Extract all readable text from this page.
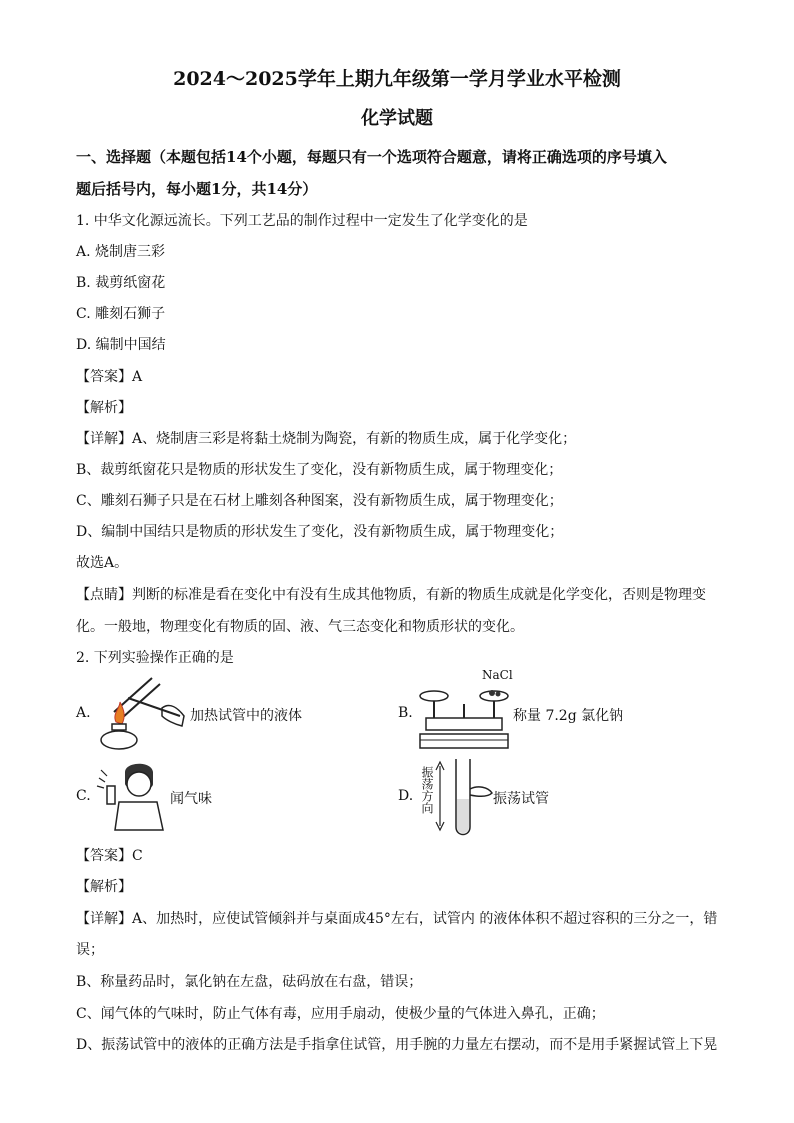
2024～2025学年上期九年级第一学月学业水平检测
化学试题
一、选择题（本题包括14个小题，每题只有一个选项符合题意，请将正确选项的序号填入
题后括号内，每小题1分，共14分）
1. 中华文化源远流长。下列工艺品的制作过程中一定发生了化学变化的是
A. 烧制唐三彩
B. 裁剪纸窗花
C. 雕刻石狮子
D. 编制中国结
【答案】A
【解析】
【详解】A、烧制唐三彩是将黏土烧制为陶瓷，有新的物质生成，属于化学变化；
B、裁剪纸窗花只是物质的形状发生了变化，没有新物质生成，属于物理变化；
C、雕刻石狮子只是在石材上雕刻各种图案，没有新物质生成，属于物理变化；
D、编制中国结只是物质的形状发生了变化，没有新物质生成，属于物理变化；
故选A。
【点睛】判断的标准是看在变化中有没有生成其他物质，有新的物质生成就是化学变化，否则是物理变
化。一般地，物理变化有物质的固、液、气三态变化和物质形状的变化。
2. 下列实验操作正确的是
A.	加热试管中的液体	B.
NaCl
称量 7.2g 氯化钠
C.	闻气味	D. 振荡方向	振荡试管
【答案】C
【解析】
【详解】A、加热时，应使试管倾斜并与桌面成45°左右，试管内 的液体体积不超过容积的三分之一，错
误；
B、称量药品时，氯化钠在左盘，砝码放在右盘，错误；
C、闻气体的气味时，防止气体有毒，应用手扇动，使极少量的气体进入鼻孔，正确；
D、振荡试管中的液体的正确方法是手指拿住试管，用手腕的力量左右摆动，而不是用手紧握试管上下晃
